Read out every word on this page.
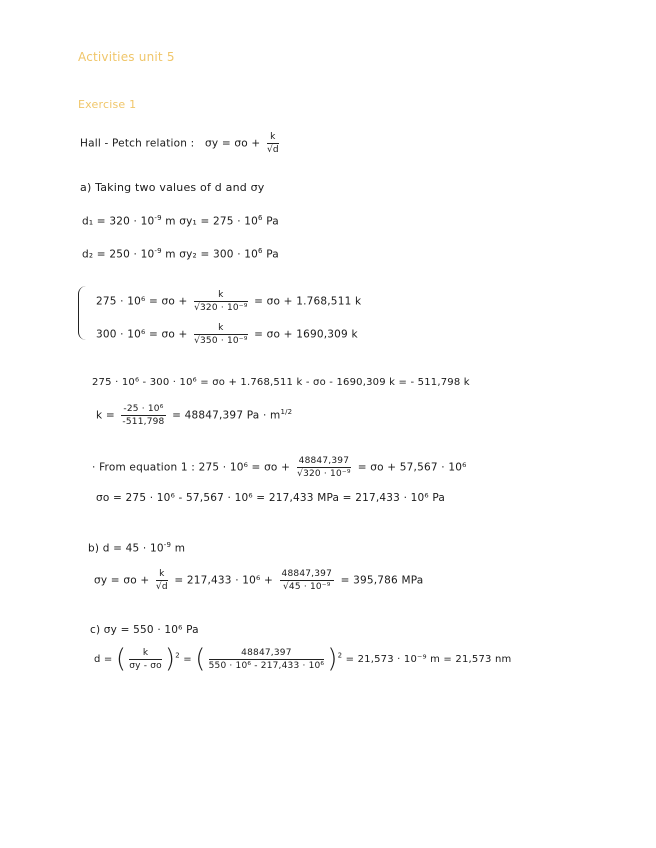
Activities unit 5
Exercise 1
Hall - Petch relation : $\sigma y = \sigma o + \frac{k}{√d}$
a) Taking two values of d and σy
$d_1 = 320 \cdot 10^{-9}$ m $\sigma y_1 = 275 \cdot 10^6$ Pa
$d_2 = 250 \cdot 10^{-9}$ m $\sigma y_2 = 300 \cdot 10^6$ Pa
$275 \cdot 10^6 = \sigma o + \frac{k}{\text{√320 · 10⁻⁹}} = \sigma o + 1.768,511$ k
$300 \cdot 10^6 = \sigma o + \frac{k}{\text{√350 · 10⁻⁹}} = \sigma o + 1690,309$ k
275 · 10⁶ - 300 · 10⁶ = σo + 1.768,511 k - σo - 1690,309 k = - 511,798 k
$k = \frac{\text{-25 · 10⁶}}{-511,798} = 48847,397$ $Pa \cdot m^{1/2}$
· From equation 1 : $275 \cdot 10^6 = \sigma o + \frac{48847,397}{\text{√320 · 10⁻⁹}} = \sigma o + 57,567 \cdot 10^6$
σo = 275 · 10⁶ - 57,567 · 10⁶ = 217,433 MPa = 217,433 · 10⁶ Pa
b) $d = 45 \cdot 10^{-9}$ m
$\sigma y = \sigma o + \frac{k}{√d} = 217,433 \cdot 10^6 + \frac{48847,397}{\text{√45 · 10⁻⁹}} = 395,786$ MPa
c) σy = 550 · 10⁶ Pa
d = ( $\frac{k}{\sigma y - \sigma o} )^2$ = ( $\frac{48847,397}{\text{550 · 10⁶ - 217,433 · 10⁶}} )^2 = 21,573 \cdot 10^{-9}$ m = 21,573 nm
